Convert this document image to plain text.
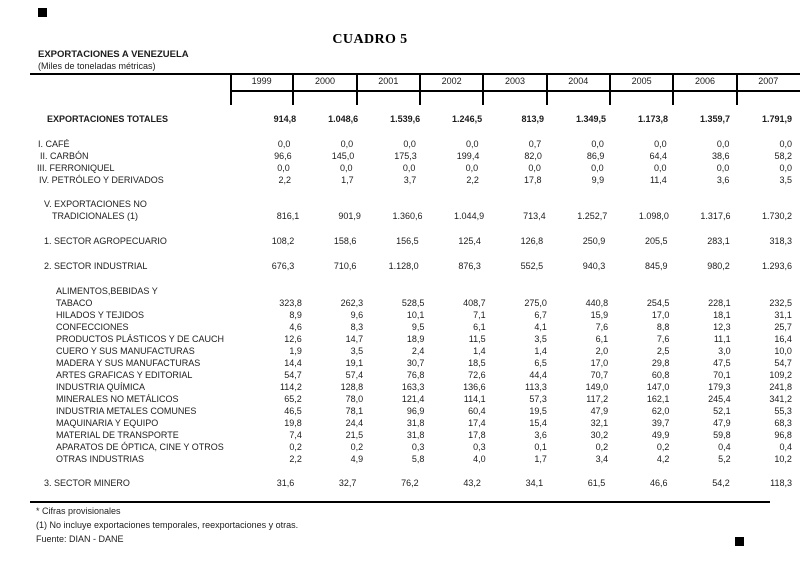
CUADRO 5
EXPORTACIONES A VENEZUELA
(Miles de toneladas métricas)
1999	2000	2001	2002	2003	2004	2005	2006	2007
EXPORTACIONES TOTALES	914,8	1.048,6	1.539,6	1.246,5	813,9	1.349,5	1.173,8	1.359,7	1.791,9
I. CAFÉ	0,0	0,0	0,0	0,0	0,7	0,0	0,0	0,0	0,0
II. CARBÓN	96,6	145,0	175,3	199,4	82,0	86,9	64,4	38,6	58,2
III. FERRONIQUEL	0,0	0,0	0,0	0,0	0,0	0,0	0,0	0,0	0,0
IV. PETRÓLEO Y DERIVADOS	2,2	1,7	3,7	2,2	17,8	9,9	11,4	3,6	3,5
V. EXPORTACIONES NO
TRADICIONALES (1)	816,1	901,9	1.360,6	1.044,9	713,4	1.252,7	1.098,0	1.317,6	1.730,2
1. SECTOR AGROPECUARIO	108,2	158,6	156,5	125,4	126,8	250,9	205,5	283,1	318,3
2. SECTOR INDUSTRIAL	676,3	710,6	1.128,0	876,3	552,5	940,3	845,9	980,2	1.293,6
ALIMENTOS,BEBIDAS Y
TABACO	323,8	262,3	528,5	408,7	275,0	440,8	254,5	228,1	232,5
HILADOS Y TEJIDOS	8,9	9,6	10,1	7,1	6,7	15,9	17,0	18,1	31,1
CONFECCIONES	4,6	8,3	9,5	6,1	4,1	7,6	8,8	12,3	25,7
PRODUCTOS PLÁSTICOS Y DE CAUCH	12,6	14,7	18,9	11,5	3,5	6,1	7,6	11,1	16,4
CUERO Y SUS MANUFACTURAS	1,9	3,5	2,4	1,4	1,4	2,0	2,5	3,0	10,0
MADERA Y SUS MANUFACTURAS	14,4	19,1	30,7	18,5	6,5	17,0	29,8	47,5	54,7
ARTES GRAFICAS Y EDITORIAL	54,7	57,4	76,8	72,6	44,4	70,7	60,8	70,1	109,2
INDUSTRIA QUÍMICA	114,2	128,8	163,3	136,6	113,3	149,0	147,0	179,3	241,8
MINERALES NO METÁLICOS	65,2	78,0	121,4	114,1	57,3	117,2	162,1	245,4	341,2
INDUSTRIA METALES COMUNES	46,5	78,1	96,9	60,4	19,5	47,9	62,0	52,1	55,3
MAQUINARIA Y EQUIPO	19,8	24,4	31,8	17,4	15,4	32,1	39,7	47,9	68,3
MATERIAL DE TRANSPORTE	7,4	21,5	31,8	17,8	3,6	30,2	49,9	59,8	96,8
APARATOS DE ÓPTICA, CINE Y OTROS	0,2	0,2	0,3	0,3	0,1	0,2	0,2	0,4	0,4
OTRAS INDUSTRIAS	2,2	4,9	5,8	4,0	1,7	3,4	4,2	5,2	10,2
3. SECTOR MINERO	31,6	32,7	76,2	43,2	34,1	61,5	46,6	54,2	118,3
* Cifras provisionales
(1) No incluye exportaciones temporales, reexportaciones y otras.
Fuente: DIAN - DANE
